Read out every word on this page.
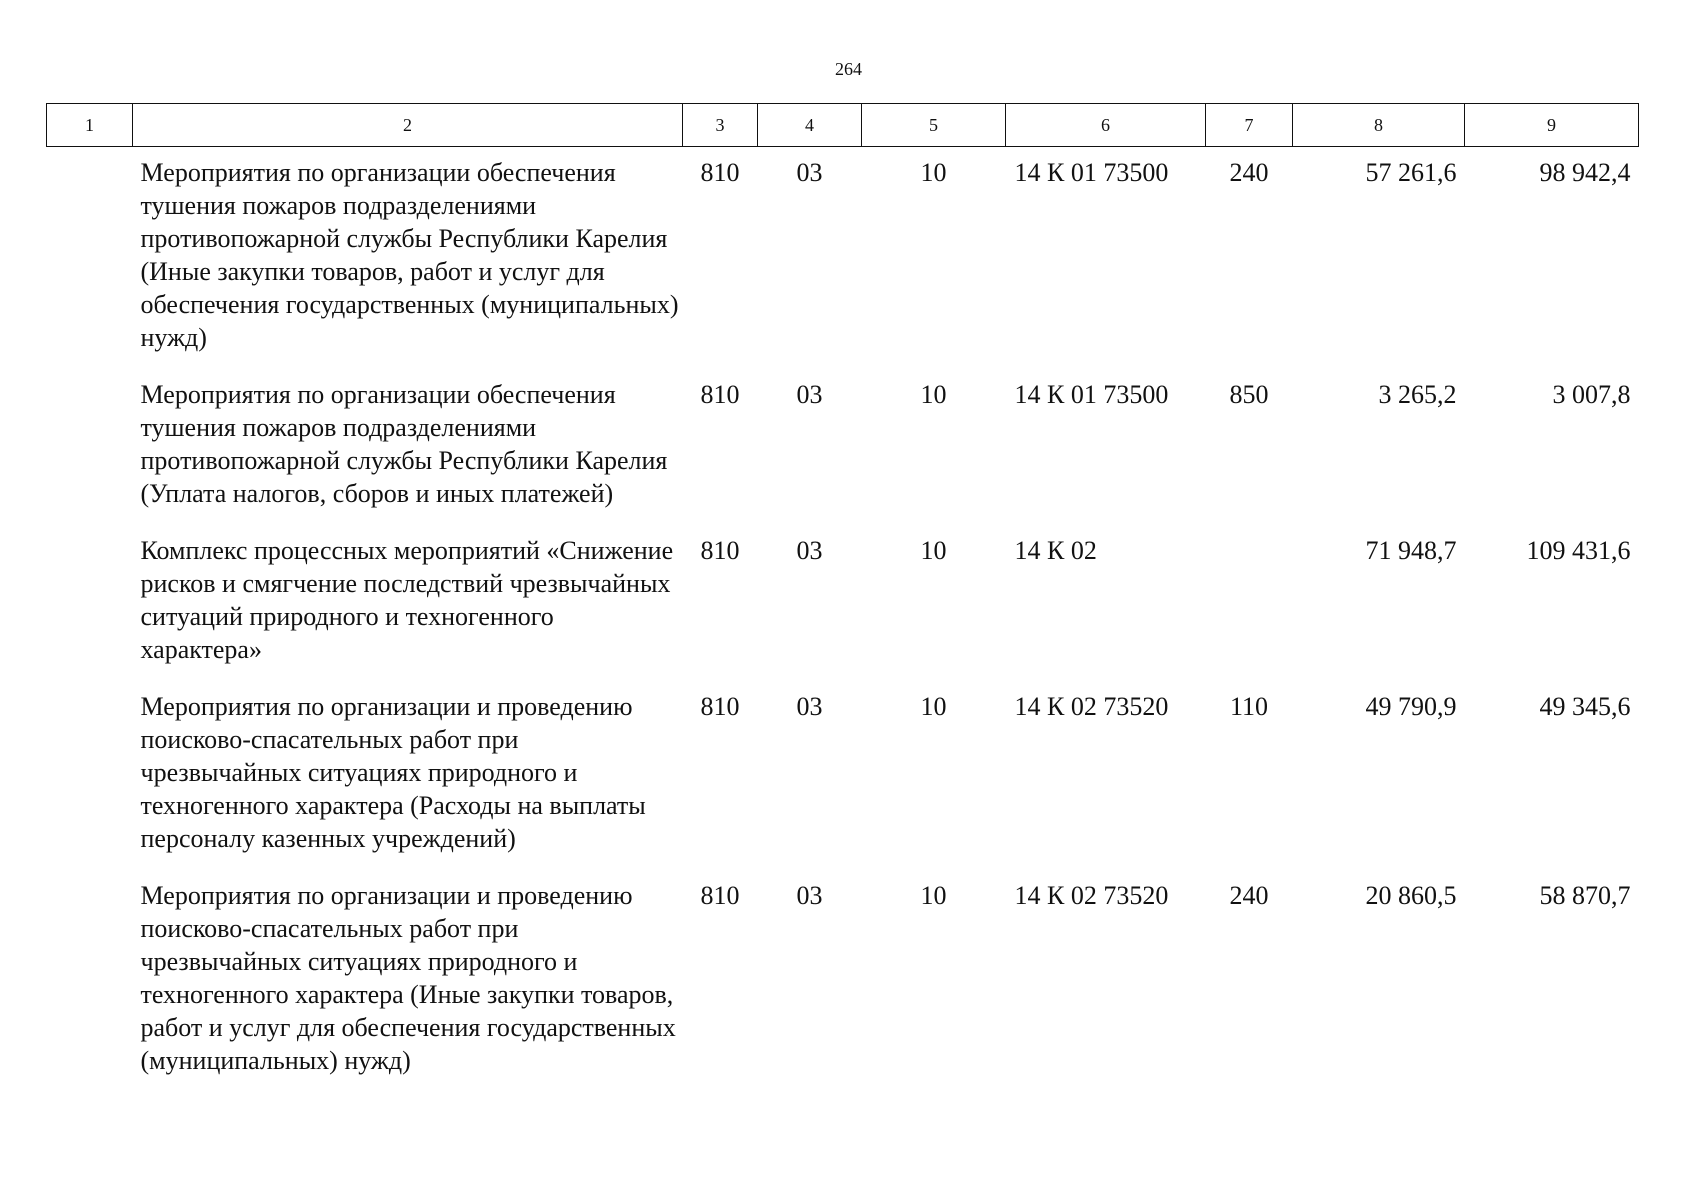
264
1	2	3	4	5	6	7	8	9
	Мероприятия по организации обеспечения тушения пожаров подразделениями противопожарной службы Республики Карелия (Иные закупки товаров, работ и услуг для обеспечения государственных (муниципальных) нужд)	810	03	10	14 К 01 73500	240	57 261,6	98 942,4
	Мероприятия по организации обеспечения тушения пожаров подразделениями противопожарной службы Республики Карелия (Уплата налогов, сборов и иных платежей)	810	03	10	14 К 01 73500	850	3 265,2	3 007,8
	Комплекс процессных мероприятий «Снижение рисков и смягчение последствий чрезвычайных ситуаций природного и техногенного характера»	810	03	10	14 К 02		71 948,7	109 431,6
	Мероприятия по организации и проведению поисково-спасательных работ при чрезвычайных ситуациях природного и техногенного характера (Расходы на выплаты персоналу казенных учреждений)	810	03	10	14 К 02 73520	110	49 790,9	49 345,6
	Мероприятия по организации и проведению поисково-спасательных работ при чрезвычайных ситуациях природного и техногенного характера (Иные закупки товаров, работ и услуг для обеспечения государственных (муниципальных) нужд)	810	03	10	14 К 02 73520	240	20 860,5	58 870,7
